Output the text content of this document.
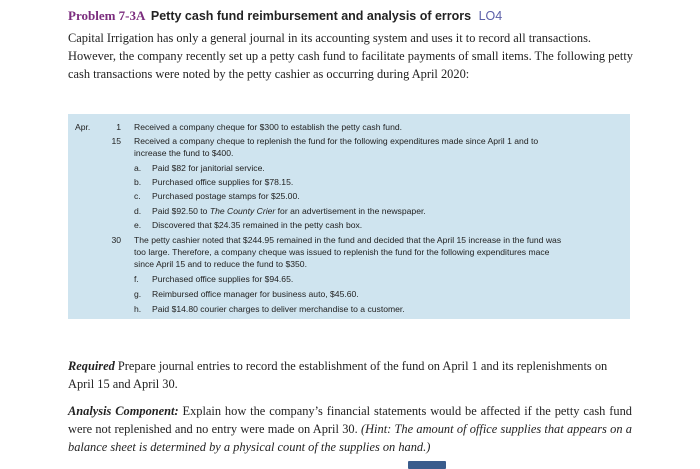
Problem 7-3A Petty cash fund reimbursement and analysis of errors LO4

Capital Irrigation has only a general journal in its accounting system and uses it to record all transactions. However, the company recently set up a petty cash fund to facilitate payments of small items. The following petty cash transactions were noted by the petty cashier as occurring during April 2020:

Apr.	1 Received a company cheque for $300 to establish the petty cash fund.
15 Received a company cheque to replenish the fund for the following expenditures made since April 1 and to
increase the fund to $400.
a.	Paid $82 for janitorial service.
b.	Purchased office supplies for $78.15.
c.	Purchased postage stamps for $25.00.
d.	Paid $92.50 to The County Crier for an advertisement in the newspaper.
e.	Discovered that $24.35 remained in the petty cash box.
30 The petty cashier noted that $244.95 remained in the fund and decided that the April 15 increase in the fund was
too large. Therefore, a company cheque was issued to replenish the fund for the following expenditures mace
since April 15 and to reduce the fund to $350.
f.	Purchased office supplies for $94.65.
g.	Reimbursed office manager for business auto, $45.60.
h.	Paid $14.80 courier charges to deliver merchandise to a customer.

Required Prepare journal entries to record the establishment of the fund on April 1 and its replenishments on April 15 and April 30.

Analysis Component: Explain how the company’s financial statements would be affected if the petty cash fund were not replenished and no entry were made on April 30. (Hint: The amount of office supplies that appears on a balance sheet is determined by a physical count of the supplies on hand.)
